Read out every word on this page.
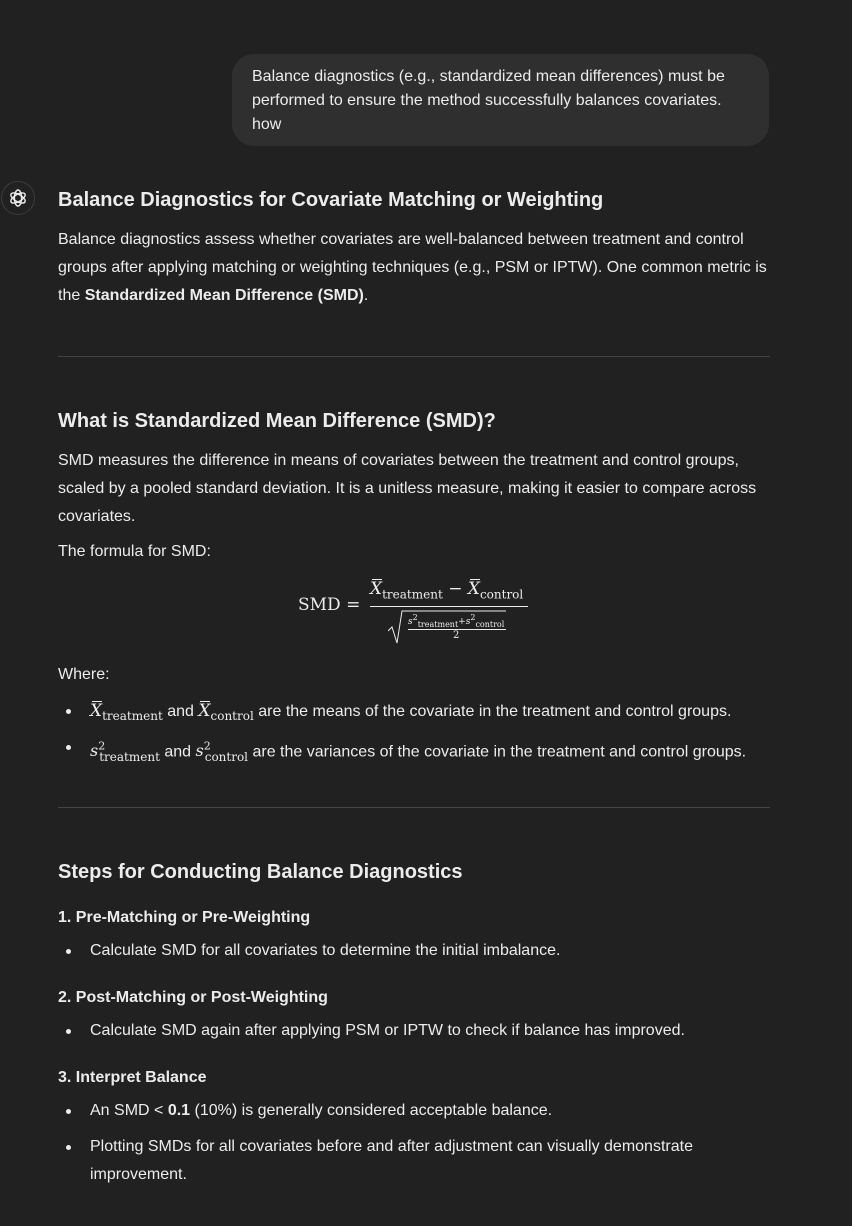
Balance diagnostics (e.g., standardized mean differences) must be performed to ensure the method successfully balances covariates. how
Balance Diagnostics for Covariate Matching or Weighting

Balance diagnostics assess whether covariates are well-balanced between treatment and control groups after applying matching or weighting techniques (e.g., PSM or IPTW). One common metric is the Standardized Mean Difference (SMD).

What is Standardized Mean Difference (SMD)?

SMD measures the difference in means of covariates between the treatment and control groups, scaled by a pooled standard deviation. It is a unitless measure, making it easier to compare across covariates.

The formula for SMD:

SMD =
$X_{treatment} - X_{control}$
$s^2_{treatment}+s^2_{control}$
2

Where:

$X_{treatment}$ and $X_{control}$ are the means of the covariate in the treatment and control groups.
$s^2_{treatment}$ and $s^2_{control}$ are the variances of the covariate in the treatment and control groups.
Steps for Conducting Balance Diagnostics

1. Pre-Matching or Pre-Weighting

Calculate SMD for all covariates to determine the initial imbalance.

2. Post-Matching or Post-Weighting

Calculate SMD again after applying PSM or IPTW to check if balance has improved.

3. Interpret Balance

An SMD < 0.1 (10%) is generally considered acceptable balance.
Plotting SMDs for all covariates before and after adjustment can visually demonstrate improvement.
